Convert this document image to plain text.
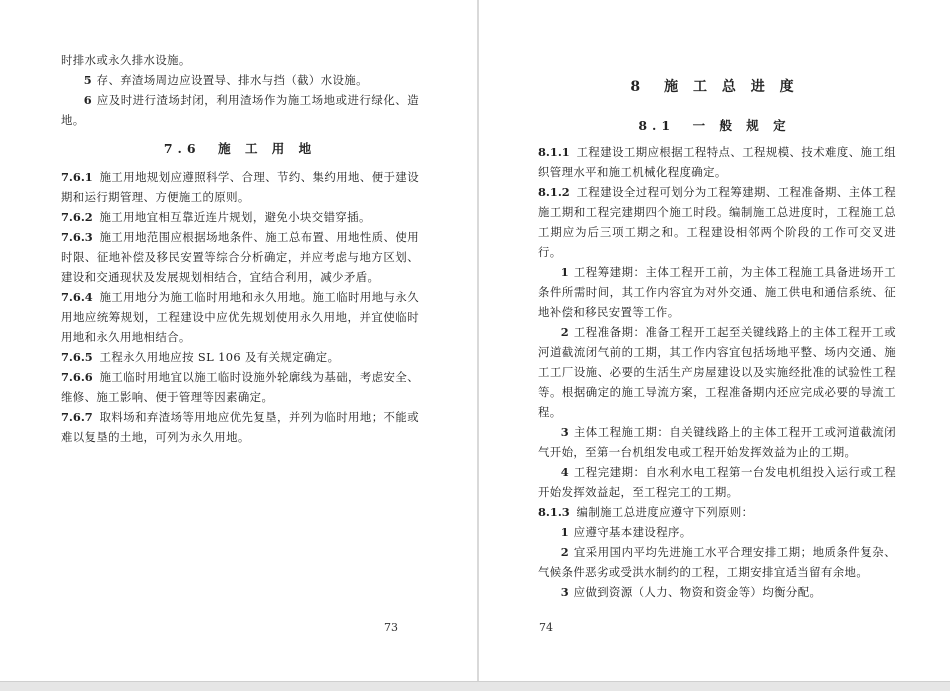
时排水或永久排水设施。

5 存、弃渣场周边应设置导、排水与挡（截）水设施。

6 应及时进行渣场封闭，利用渣场作为施工场地或进行绿化、造地。

7.6　施 工 用 地

7.6.1 施工用地规划应遵照科学、合理、节约、集约用地、便于建设期和运行期管理、方便施工的原则。

7.6.2 施工用地宜相互靠近连片规划，避免小块交错穿插。

7.6.3 施工用地范围应根据场地条件、施工总布置、用地性质、使用时限、征地补偿及移民安置等综合分析确定，并应考虑与地方区划、建设和交通现状及发展规划相结合，宜结合利用，减少矛盾。

7.6.4 施工用地分为施工临时用地和永久用地。施工临时用地与永久用地应统筹规划，工程建设中应优先规划使用永久用地，并宜使临时用地和永久用地相结合。

7.6.5 工程永久用地应按 SL 106 及有关规定确定。

7.6.6 施工临时用地宜以施工临时设施外轮廓线为基础，考虑安全、维修、施工影响、便于管理等因素确定。

7.6.7 取料场和弃渣场等用地应优先复垦，并列为临时用地；不能或难以复垦的土地，可列为永久用地。

73
8　施 工 总 进 度
8.1　一 般 规 定

8.1.1 工程建设工期应根据工程特点、工程规模、技术难度、施工组织管理水平和施工机械化程度确定。

8.1.2 工程建设全过程可划分为工程筹建期、工程准备期、主体工程施工期和工程完建期四个施工时段。编制施工总进度时，工程施工总工期应为后三项工期之和。工程建设相邻两个阶段的工作可交叉进行。

1 工程筹建期：主体工程开工前，为主体工程施工具备进场开工条件所需时间，其工作内容宜为对外交通、施工供电和通信系统、征地补偿和移民安置等工作。

2 工程准备期：准备工程开工起至关键线路上的主体工程开工或河道截流闭气前的工期，其工作内容宜包括场地平整、场内交通、施工工厂设施、必要的生活生产房屋建设以及实施经批准的试验性工程等。根据确定的施工导流方案，工程准备期内还应完成必要的导流工程。

3 主体工程施工期：自关键线路上的主体工程开工或河道截流闭气开始，至第一台机组发电或工程开始发挥效益为止的工期。

4 工程完建期：自水利水电工程第一台发电机组投入运行或工程开始发挥效益起，至工程完工的工期。

8.1.3 编制施工总进度应遵守下列原则：

1 应遵守基本建设程序。

2 宜采用国内平均先进施工水平合理安排工期；地质条件复杂、气候条件恶劣或受洪水制约的工程，工期安排宜适当留有余地。

3 应做到资源（人力、物资和资金等）均衡分配。

74
